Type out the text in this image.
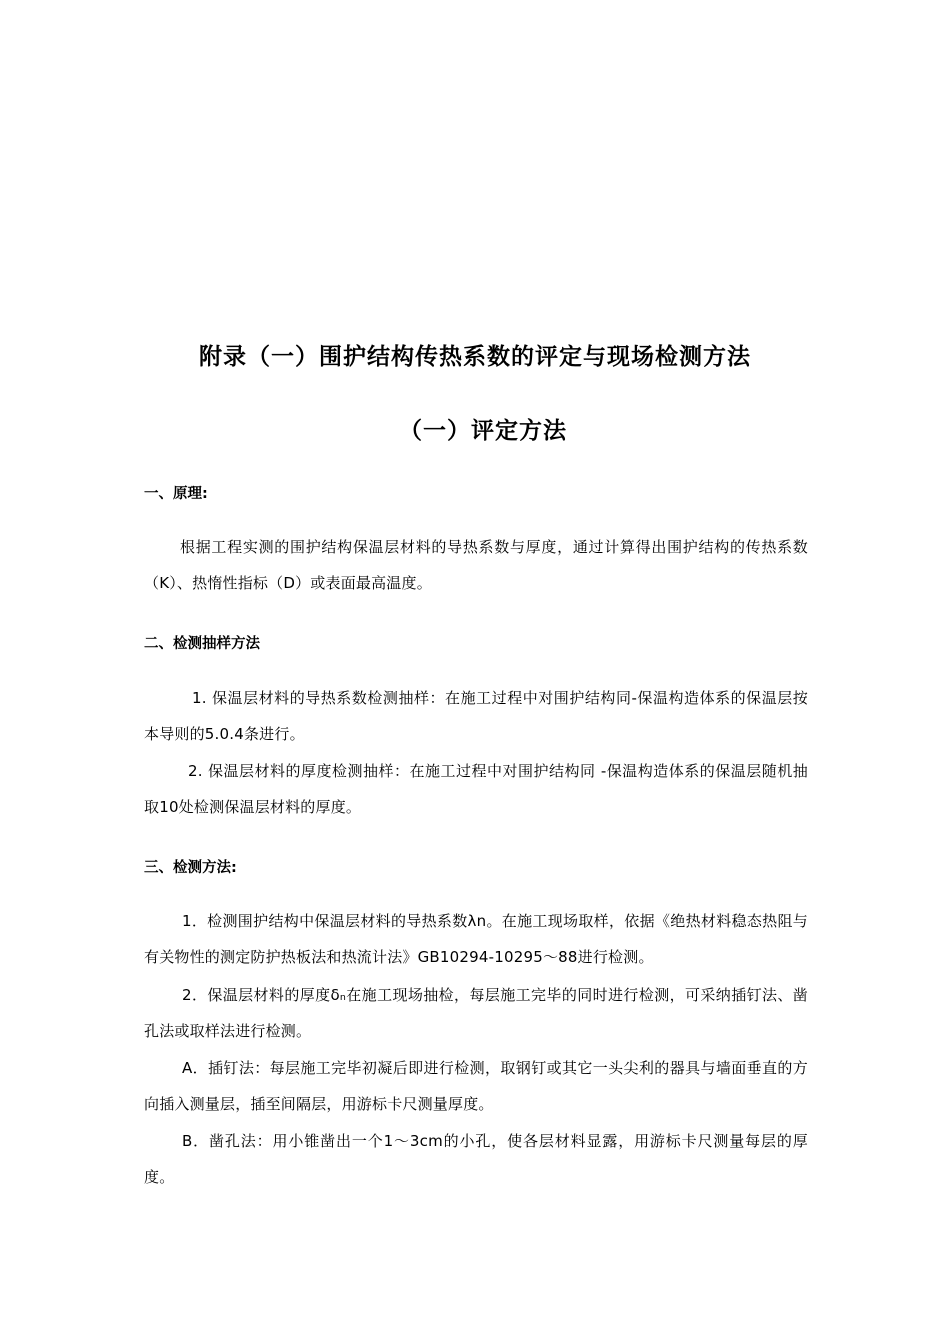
附录（一）围护结构传热系数的评定与现场检测方法
（一）评定方法
一、原理:
根据工程实测的围护结构保温层材料的导热系数与厚度，通过计算得出围护结构的传热系数（K）、热惰性指标（D）或表面最高温度。
二、检测抽样方法
1. 保温层材料的导热系数检测抽样：在施工过程中对围护结构同-保温构造体系的保温层按本导则的5.0.4条进行。
2. 保温层材料的厚度检测抽样：在施工过程中对围护结构同 -保温构造体系的保温层随机抽取10处检测保温层材料的厚度。
三、检测方法:
1．检测围护结构中保温层材料的导热系数λn。在施工现场取样，依据《绝热材料稳态热阻与有关物性的测定防护热板法和热流计法》GB10294-10295～88进行检测。
2．保温层材料的厚度δₙ在施工现场抽检，每层施工完毕的同时进行检测，可采纳插钉法、凿孔法或取样法进行检测。
A．插钉法：每层施工完毕初凝后即进行检测，取钢钉或其它一头尖利的器具与墙面垂直的方向插入测量层，插至间隔层，用游标卡尺测量厚度。
B．凿孔法：用小锥凿出一个1～3cm的小孔，使各层材料显露，用游标卡尺测量每层的厚度。
